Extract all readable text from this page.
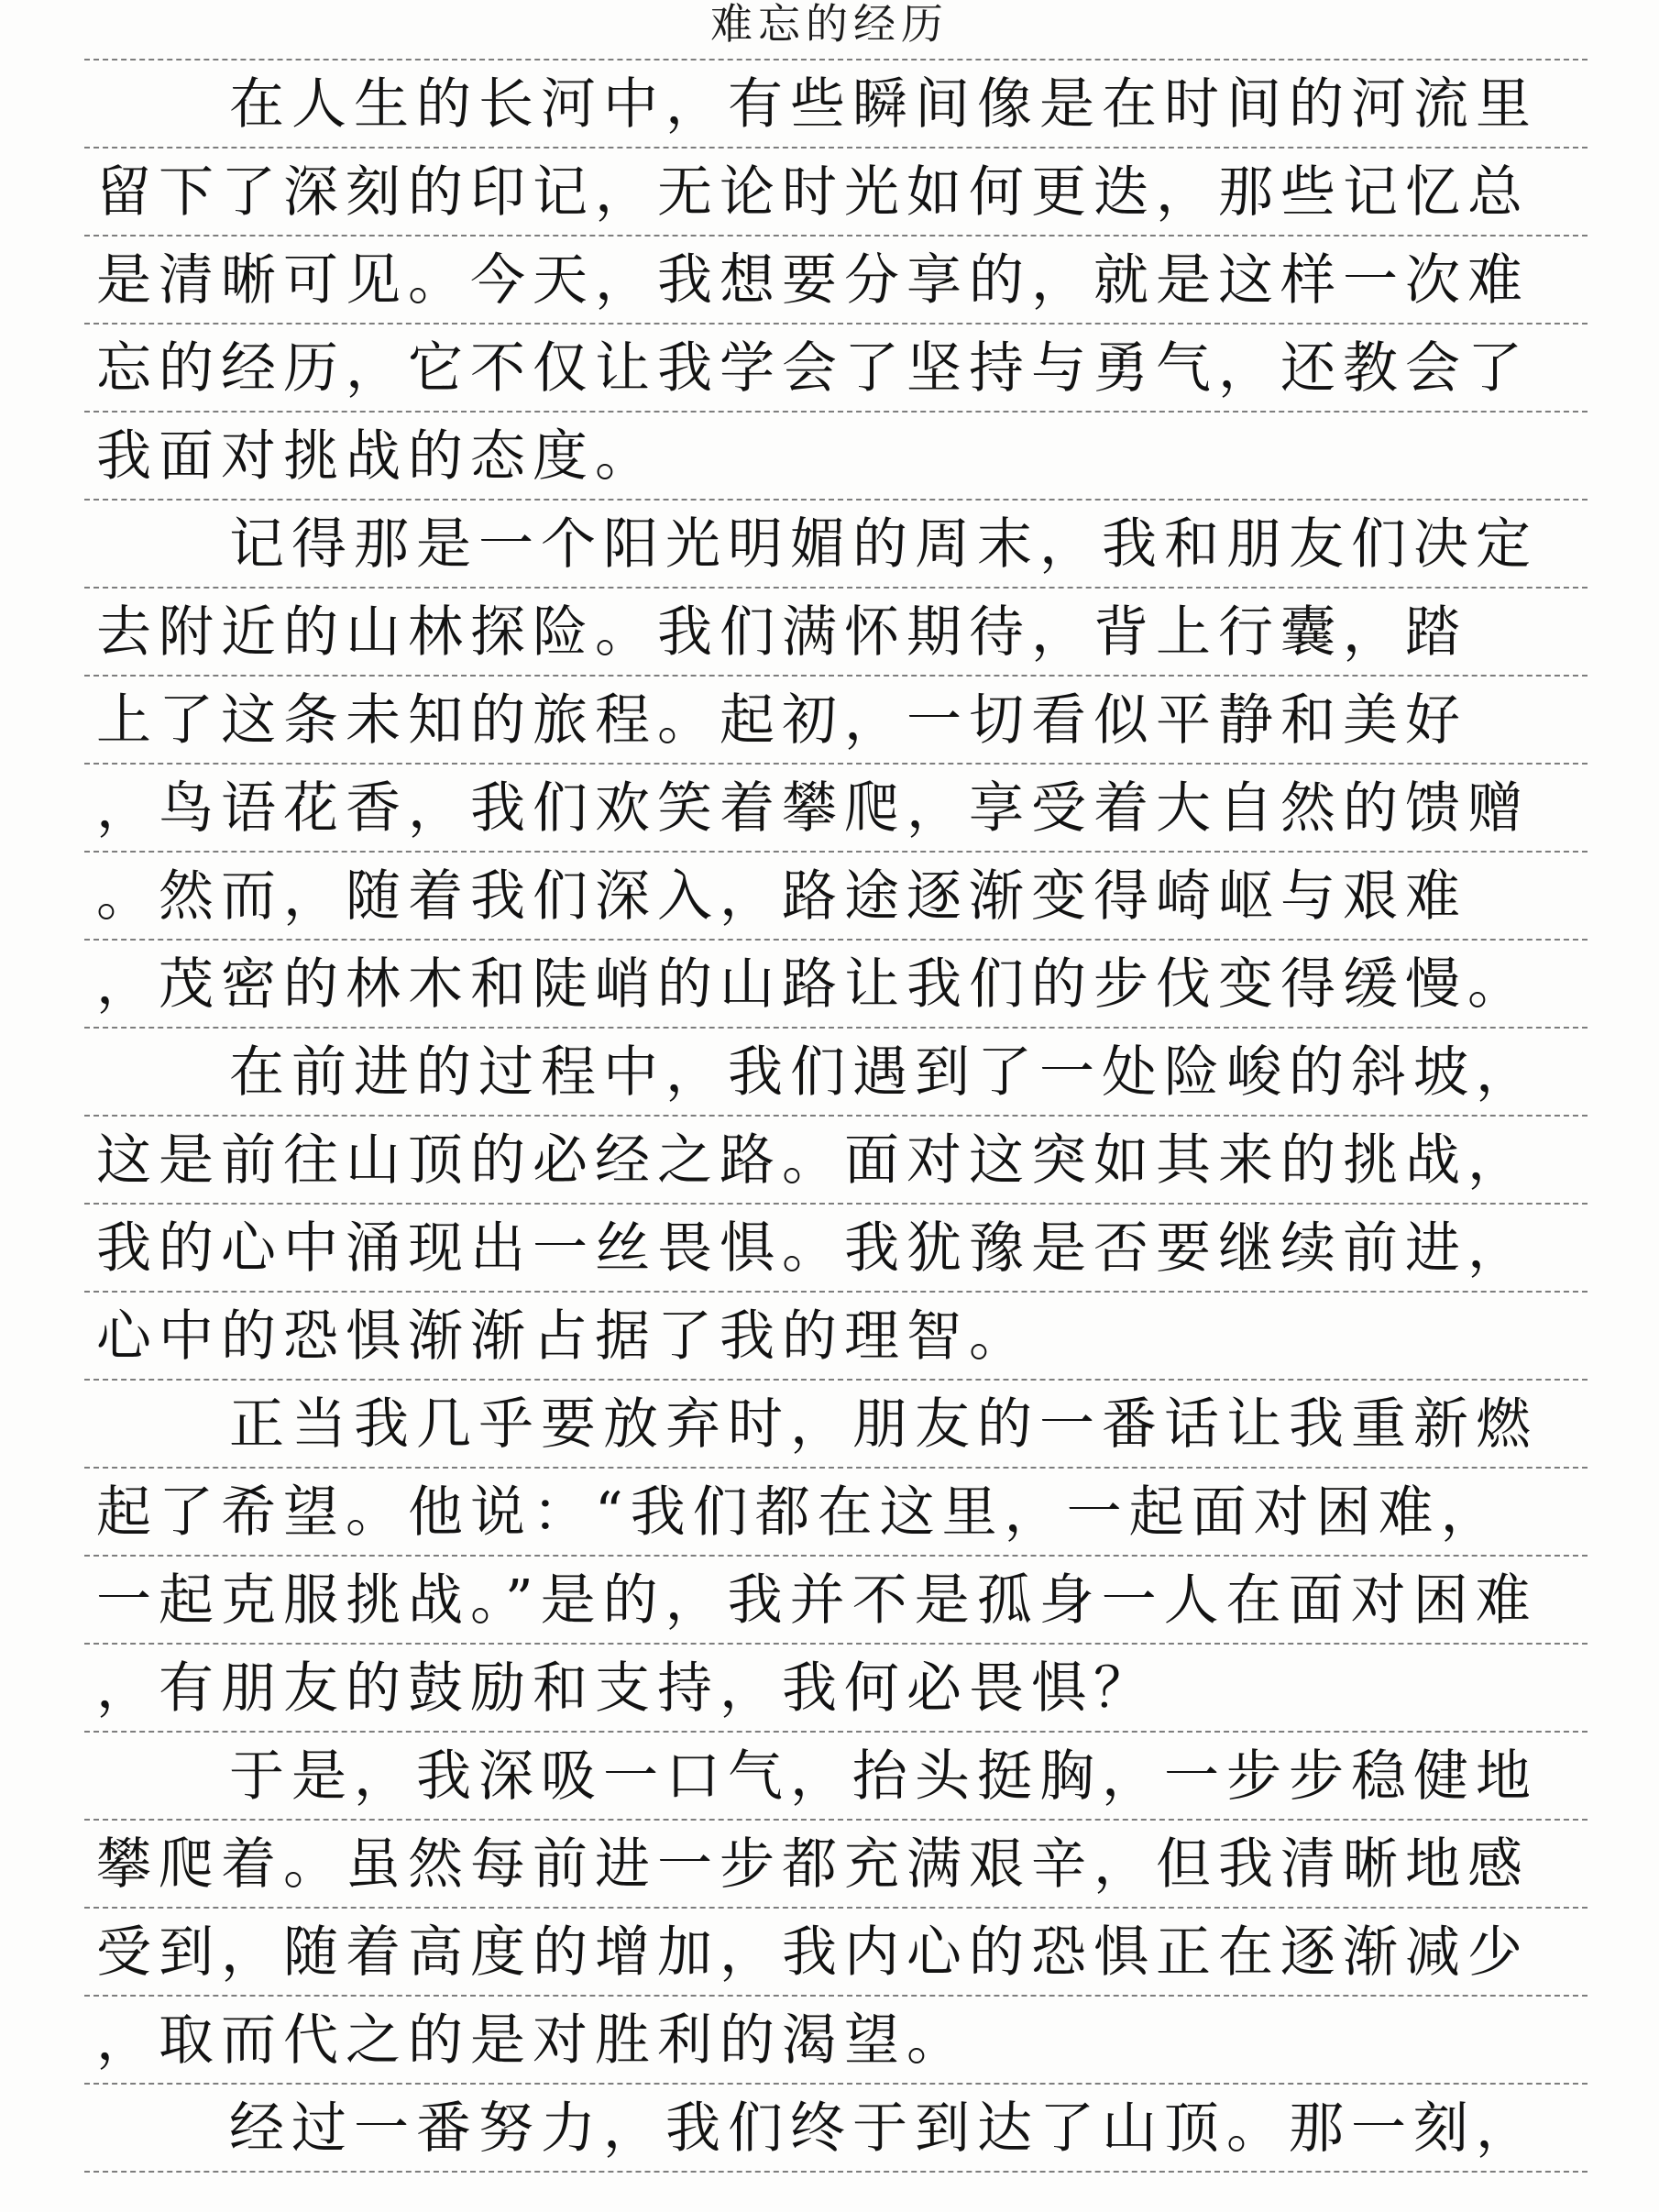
难忘的经历
在人生的长河中，有些瞬间像是在时间的河流里
留下了深刻的印记，无论时光如何更迭，那些记忆总
是清晰可见。今天，我想要分享的，就是这样一次难
忘的经历，它不仅让我学会了坚持与勇气，还教会了
我面对挑战的态度。
记得那是一个阳光明媚的周末，我和朋友们决定
去附近的山林探险。我们满怀期待，背上行囊，踏
上了这条未知的旅程。起初，一切看似平静和美好
，鸟语花香，我们欢笑着攀爬，享受着大自然的馈赠
。然而，随着我们深入，路途逐渐变得崎岖与艰难
，茂密的林木和陡峭的山路让我们的步伐变得缓慢。
在前进的过程中，我们遇到了一处险峻的斜坡，
这是前往山顶的必经之路。面对这突如其来的挑战，
我的心中涌现出一丝畏惧。我犹豫是否要继续前进，
心中的恐惧渐渐占据了我的理智。
正当我几乎要放弃时，朋友的一番话让我重新燃
起了希望。他说：“我们都在这里，一起面对困难，
一起克服挑战。”是的，我并不是孤身一人在面对困难
，有朋友的鼓励和支持，我何必畏惧？
于是，我深吸一口气，抬头挺胸，一步步稳健地
攀爬着。虽然每前进一步都充满艰辛，但我清晰地感
受到，随着高度的增加，我内心的恐惧正在逐渐减少
，取而代之的是对胜利的渴望。
经过一番努力，我们终于到达了山顶。那一刻，
